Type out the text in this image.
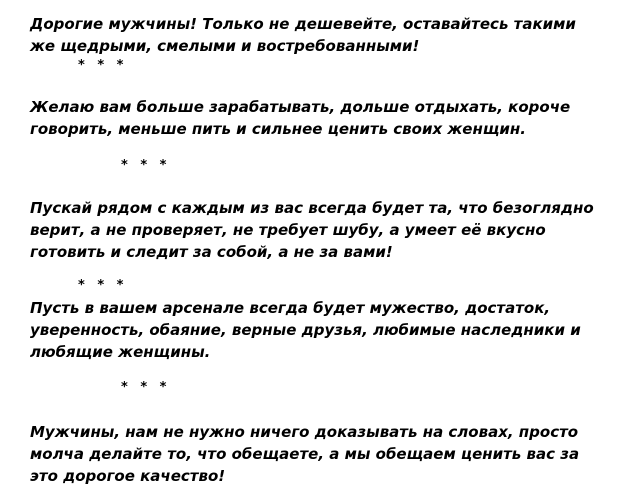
Дорогие мужчины! Только не дешевейте, оставайтесь такими
же щедрыми, смелыми и востребованными!
* * *
Желаю вам больше зарабатывать, дольше отдыхать, короче
говорить, меньше пить и сильнее ценить своих женщин.
* * *
Пускай рядом с каждым из вас всегда будет та, что безоглядно
верит, а не проверяет, не требует шубу, а умеет её вкусно
готовить и следит за собой, а не за вами!
* * *
Пусть в вашем арсенале всегда будет мужество, достаток,
уверенность, обаяние, верные друзья, любимые наследники и
любящие женщины.
* * *
Мужчины, нам не нужно ничего доказывать на словах, просто
молча делайте то, что обещаете, а мы обещаем ценить вас за
это дорогое качество!
